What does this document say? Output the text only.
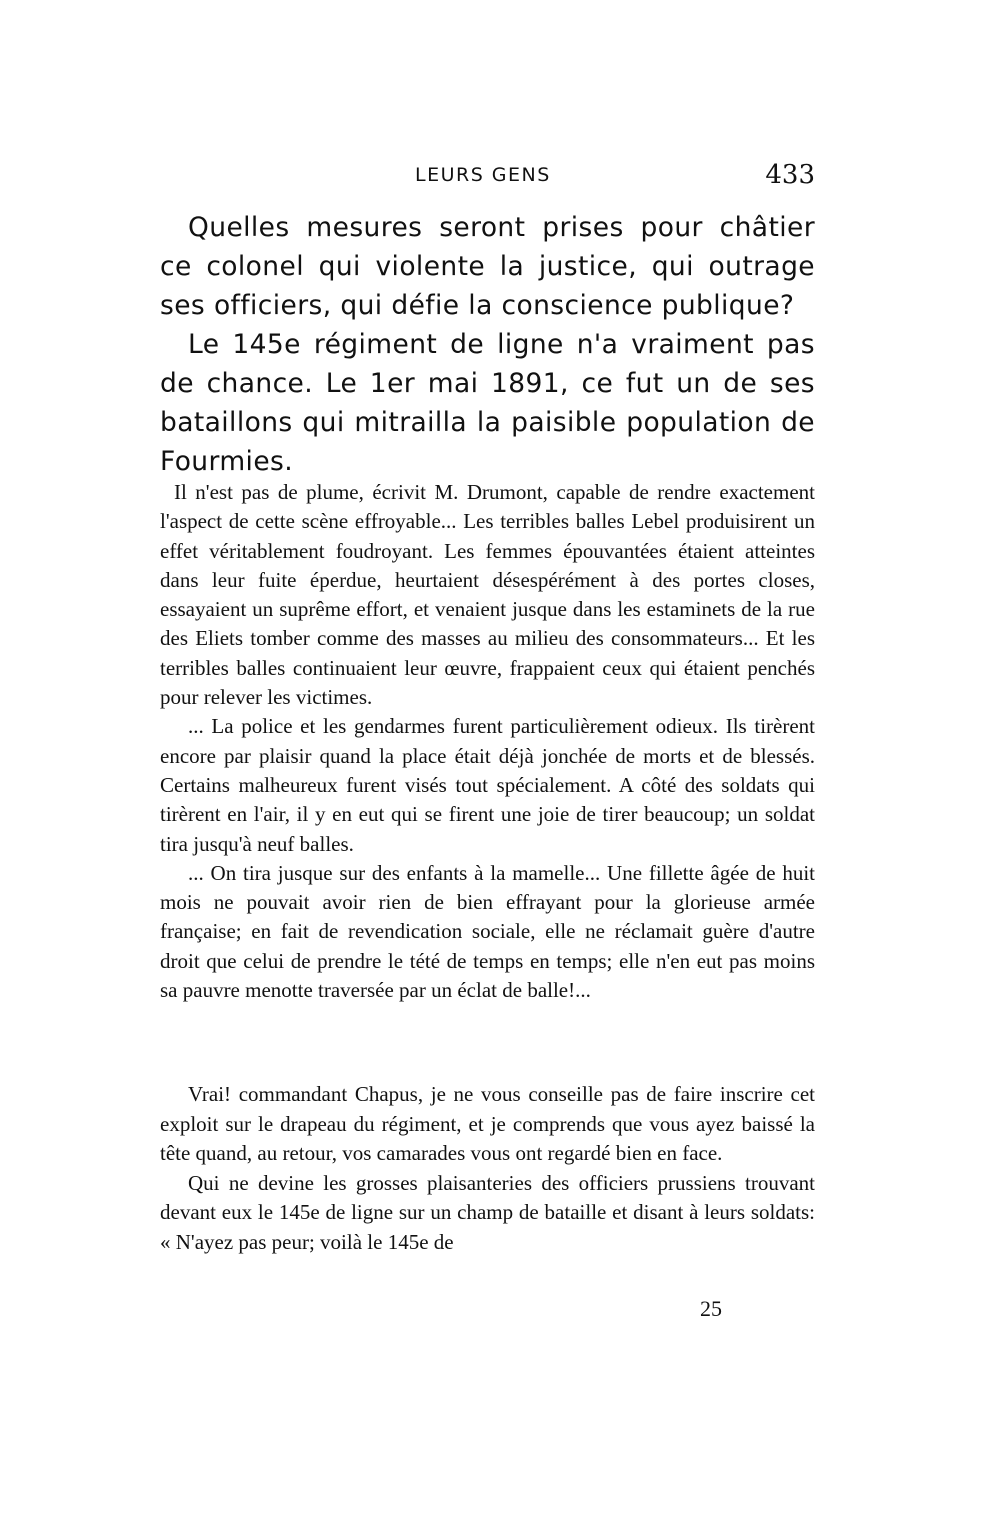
LEURS GENS	433

Quelles mesures seront prises pour châtier ce colonel qui violente la justice, qui outrage ses officiers, qui défie la conscience publique?

Le 145e régiment de ligne n'a vraiment pas de chance. Le 1er mai 1891, ce fut un de ses bataillons qui mitrailla la paisible population de Fourmies.

Il n'est pas de plume, écrivit M. Drumont, capable de rendre exactement l'aspect de cette scène effroyable... Les terribles balles Lebel produisirent un effet véritablement foudroyant. Les femmes épouvantées étaient atteintes dans leur fuite éperdue, heurtaient désespérément à des portes closes, essayaient un suprême effort, et venaient jusque dans les estaminets de la rue des Eliets tomber comme des masses au milieu des consommateurs... Et les terribles balles continuaient leur œuvre, frappaient ceux qui étaient penchés pour relever les victimes.

... La police et les gendarmes furent particulièrement odieux. Ils tirèrent encore par plaisir quand la place était déjà jonchée de morts et de blessés. Certains malheureux furent visés tout spécialement. A côté des soldats qui tirèrent en l'air, il y en eut qui se firent une joie de tirer beaucoup; un soldat tira jusqu'à neuf balles.

... On tira jusque sur des enfants à la mamelle... Une fillette âgée de huit mois ne pouvait avoir rien de bien effrayant pour la glorieuse armée française; en fait de revendication sociale, elle ne réclamait guère d'autre droit que celui de prendre le tété de temps en temps; elle n'en eut pas moins sa pauvre menotte traversée par un éclat de balle!...

Vrai! commandant Chapus, je ne vous conseille pas de faire inscrire cet exploit sur le drapeau du régiment, et je comprends que vous ayez baissé la tête quand, au retour, vos camarades vous ont regardé bien en face.

Qui ne devine les grosses plaisanteries des officiers prussiens trouvant devant eux le 145e de ligne sur un champ de bataille et disant à leurs soldats: « N'ayez pas peur; voilà le 145e de

25
